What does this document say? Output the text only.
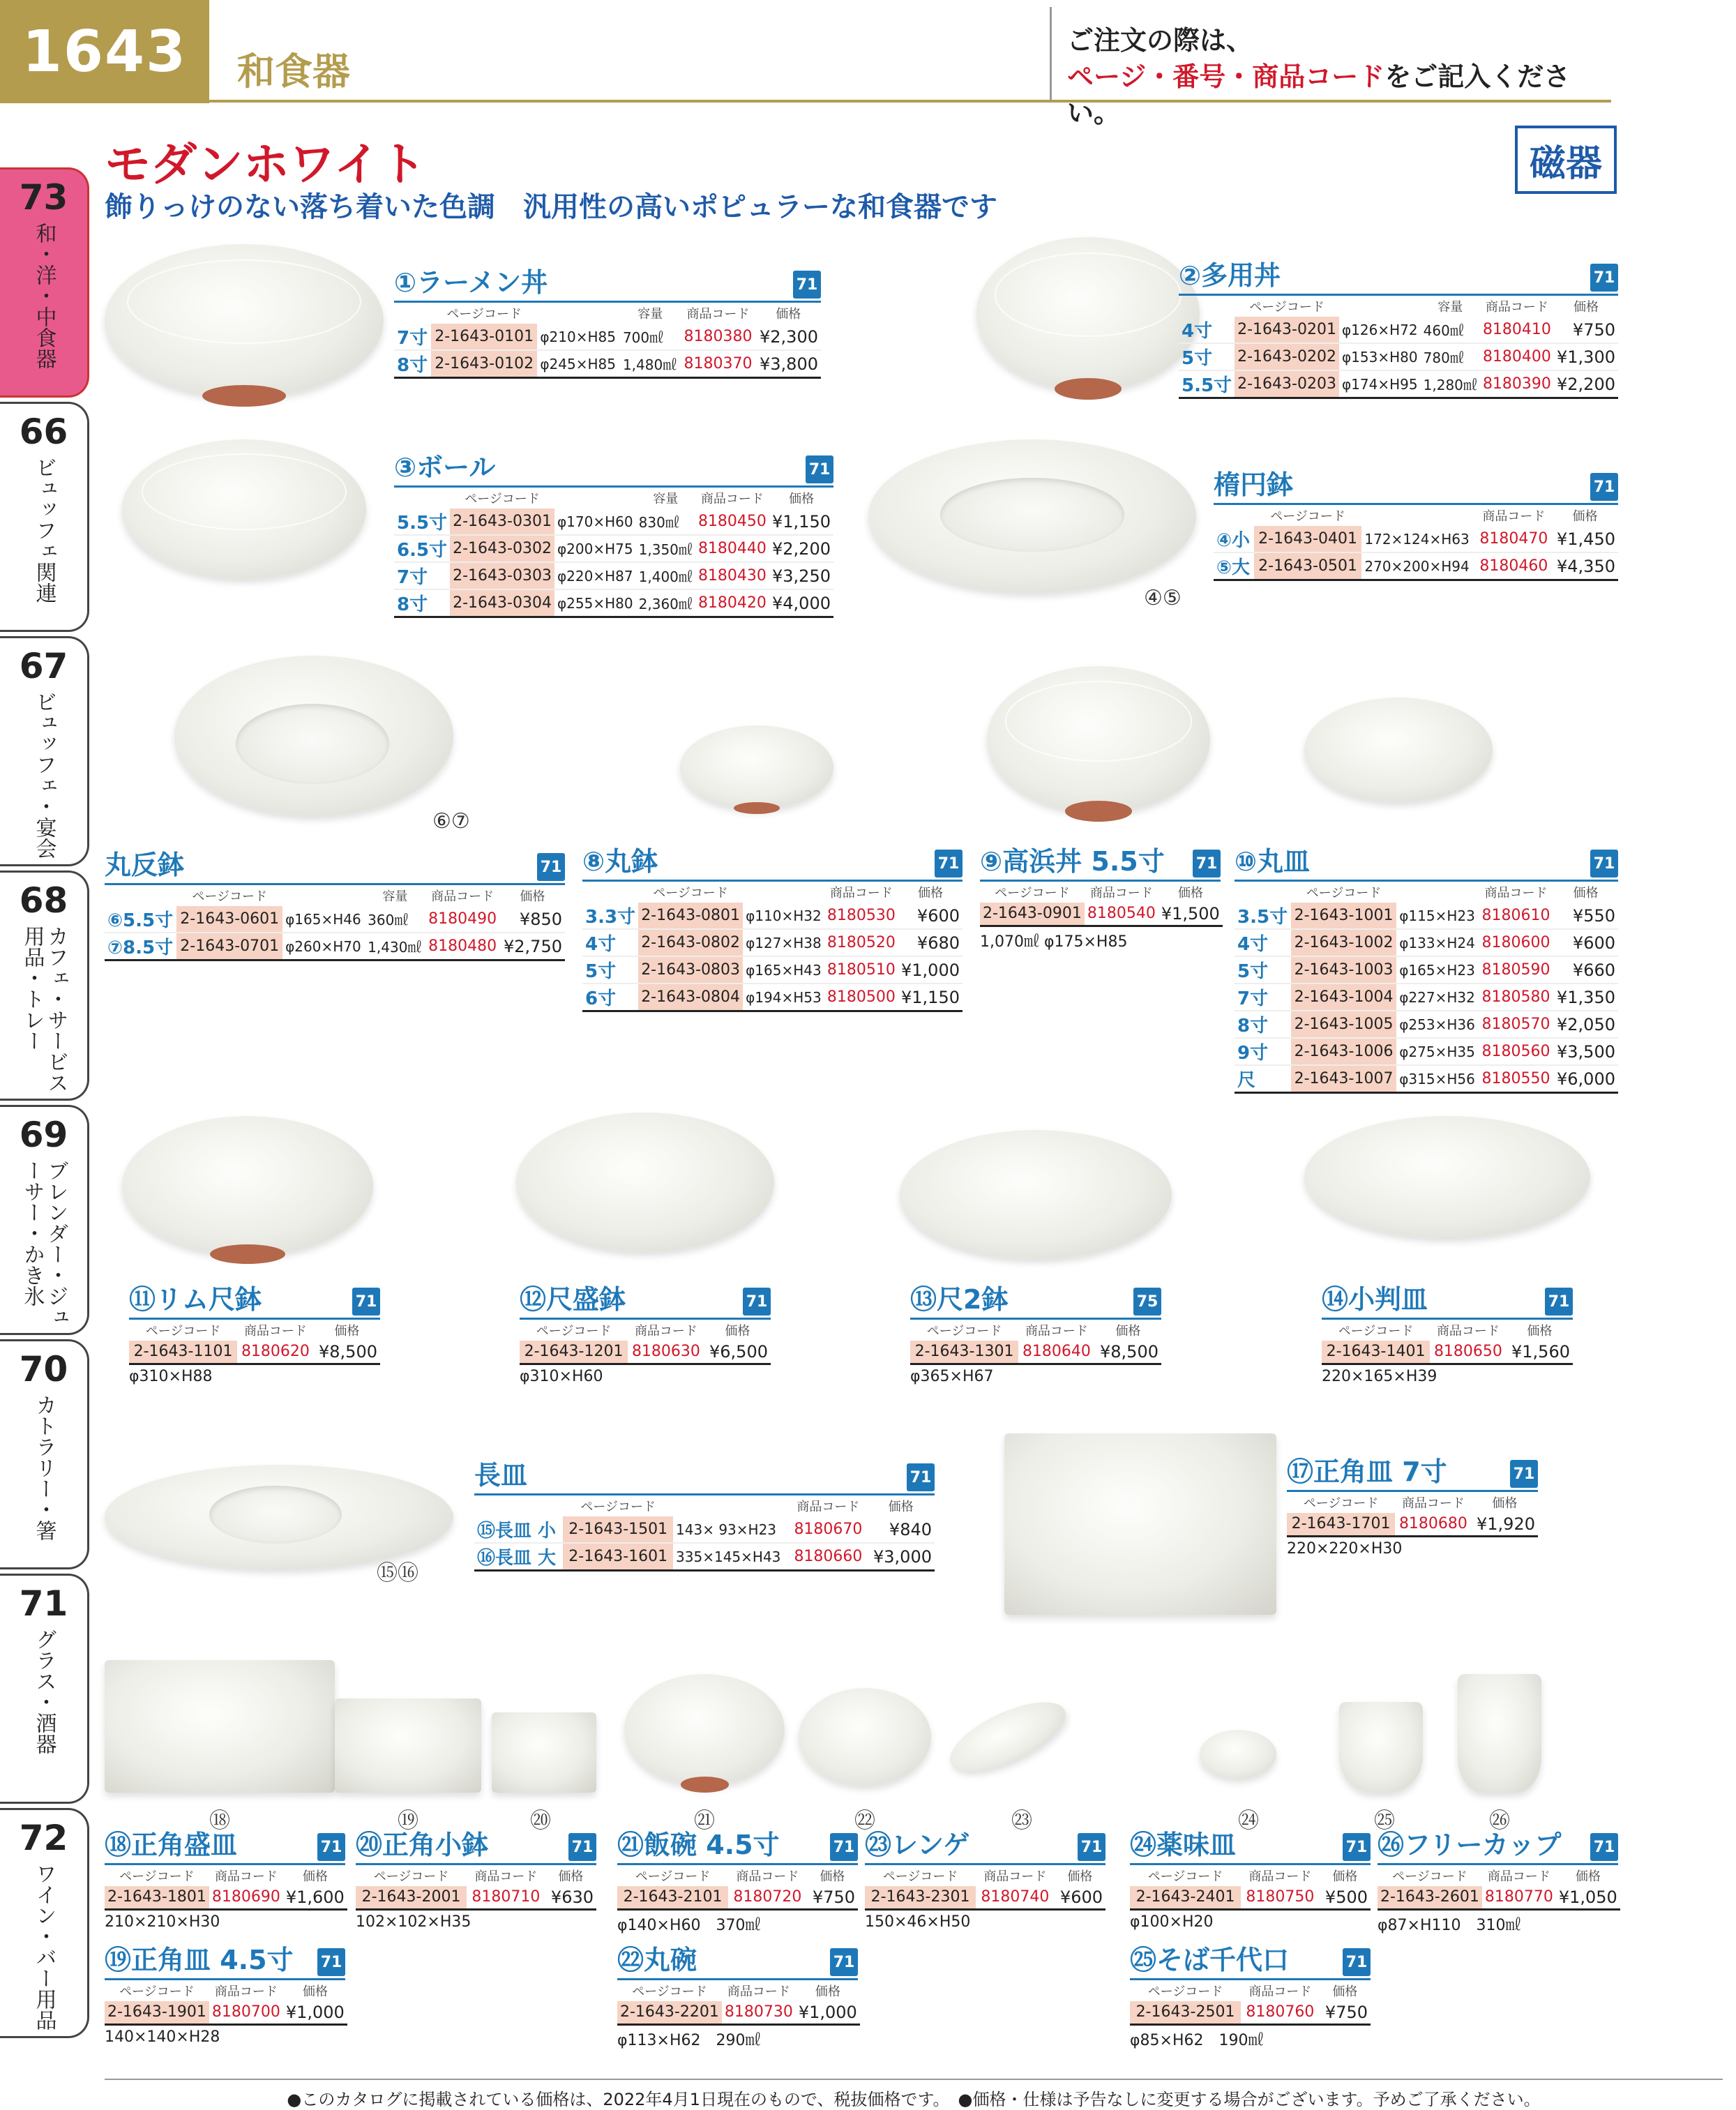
1643	和食器
ご注文の際は、
ページ・番号・商品コードをご記入ください。
73
和・洋・中食器
66
ビュッフェ関連
67
ビュッフェ・宴会
68
カフェ・サービス用品・トレー
69
ブレンダー・ジューサー・かき氷
70
カトラリー・箸
71
グラス・酒器
72
ワイン・バー用品
モダンホワイト
飾りっけのない落ち着いた色調　汎用性の高いポピュラーな和食器です
磁器
④⑤
⑥⑦
⑮⑯
⑱	⑲	⑳	㉑	㉒	㉓	㉔	㉕	㉖
①ラーメン丼	71
	ページコード		容量	商品コード	価格
7寸	2-1643-0101	φ210×H85	700㎖	8180380	¥2,300
8寸	2-1643-0102	φ245×H85	1,480㎖	8180370	¥3,800
②多用丼	71
	ページコード		容量	商品コード	価格
4寸	2-1643-0201	φ126×H72	460㎖	8180410	¥750
5寸	2-1643-0202	φ153×H80	780㎖	8180400	¥1,300
5.5寸	2-1643-0203	φ174×H95	1,280㎖	8180390	¥2,200
③ボール	71
	ページコード		容量	商品コード	価格
5.5寸	2-1643-0301	φ170×H60	830㎖	8180450	¥1,150
6.5寸	2-1643-0302	φ200×H75	1,350㎖	8180440	¥2,200
7寸	2-1643-0303	φ220×H87	1,400㎖	8180430	¥3,250
8寸	2-1643-0304	φ255×H80	2,360㎖	8180420	¥4,000
楕円鉢	71
	ページコード		商品コード	価格
④小	2-1643-0401	172×124×H63	8180470	¥1,450
⑤大	2-1643-0501	270×200×H94	8180460	¥4,350
丸反鉢	71
	ページコード		容量	商品コード	価格
⑥5.5寸	2-1643-0601	φ165×H46	360㎖	8180490	¥850
⑦8.5寸	2-1643-0701	φ260×H70	1,430㎖	8180480	¥2,750
⑧丸鉢	71
	ページコード		商品コード	価格
3.3寸	2-1643-0801	φ110×H32	8180530	¥600
4寸	2-1643-0802	φ127×H38	8180520	¥680
5寸	2-1643-0803	φ165×H43	8180510	¥1,000
6寸	2-1643-0804	φ194×H53	8180500	¥1,150
⑨高浜丼 5.5寸 71
ページコード	商品コード	価格
2-1643-0901	8180540	¥1,500
1,070㎖ φ175×H85
⑩丸皿	71
	ページコード		商品コード	価格
3.5寸	2-1643-1001	φ115×H23	8180610	¥550
4寸	2-1643-1002	φ133×H24	8180600	¥600
5寸	2-1643-1003	φ165×H23	8180590	¥660
7寸	2-1643-1004	φ227×H32	8180580	¥1,350
8寸	2-1643-1005	φ253×H36	8180570	¥2,050
9寸	2-1643-1006	φ275×H35	8180560	¥3,500
尺	2-1643-1007	φ315×H56	8180550	¥6,000
⑪リム尺鉢	71
ページコード	商品コード	価格
2-1643-1101	8180620	¥8,500
φ310×H88
⑫尺盛鉢	71
ページコード	商品コード	価格
2-1643-1201	8180630	¥6,500
φ310×H60
⑬尺2鉢	75
ページコード	商品コード	価格
2-1643-1301	8180640	¥8,500
φ365×H67
⑭小判皿	71
ページコード	商品コード	価格
2-1643-1401	8180650	¥1,560
220×165×H39
長皿	71
	ページコード		商品コード	価格
⑮長皿 小	2-1643-1501	143× 93×H23	8180670	¥840
⑯長皿 大	2-1643-1601	335×145×H43	8180660	¥3,000
⑰正角皿 7寸	71
ページコード	商品コード	価格
2-1643-1701	8180680	¥1,920
220×220×H30
⑱正角盛皿	71
ページコード	商品コード	価格
2-1643-1801	8180690	¥1,600
210×210×H30
⑳正角小鉢	71
ページコード	商品コード	価格
2-1643-2001	8180710	¥630
102×102×H35
㉑飯碗 4.5寸	71
ページコード	商品コード	価格
2-1643-2101	8180720	¥750
φ140×H60　370㎖
㉓レンゲ	71
ページコード	商品コード	価格
2-1643-2301	8180740	¥600
150×46×H50
㉔薬味皿	71
ページコード	商品コード	価格
2-1643-2401	8180750	¥500
φ100×H20
㉖フリーカップ 71
ページコード	商品コード	価格
2-1643-2601	8180770	¥1,050
φ87×H110　310㎖
⑲正角皿 4.5寸 71
ページコード	商品コード	価格
2-1643-1901	8180700	¥1,000
140×140×H28
㉒丸碗	71
ページコード	商品コード	価格
2-1643-2201	8180730	¥1,000
φ113×H62　290㎖
㉕そば千代口	71
ページコード	商品コード	価格
2-1643-2501	8180760	¥750
φ85×H62　190㎖
●このカタログに掲載されている価格は、2022年4月1日現在のもので、税抜価格です。　●価格・仕様は予告なしに変更する場合がございます。予めご了承ください。
